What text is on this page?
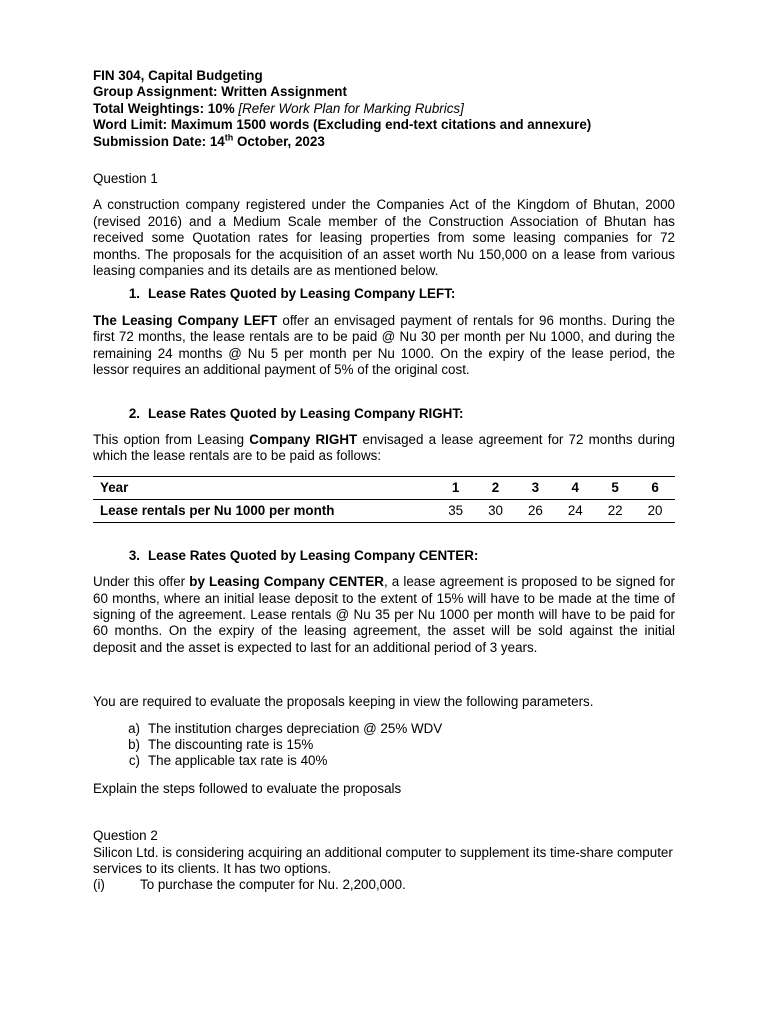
FIN 304, Capital Budgeting

Group Assignment: Written Assignment

Total Weightings: 10% [Refer Work Plan for Marking Rubrics]

Word Limit: Maximum 1500 words (Excluding end-text citations and annexure)

Submission Date: 14th October, 2023

Question 1

A construction company registered under the Companies Act of the Kingdom of Bhutan, 2000 (revised 2016) and a Medium Scale member of the Construction Association of Bhutan has received some Quotation rates for leasing properties from some leasing companies for 72 months. The proposals for the acquisition of an asset worth Nu 150,000 on a lease from various leasing companies and its details are as mentioned below.

1. Lease Rates Quoted by Leasing Company LEFT:

The Leasing Company LEFT offer an envisaged payment of rentals for 96 months. During the first 72 months, the lease rentals are to be paid @ Nu 30 per month per Nu 1000, and during the remaining 24 months @ Nu 5 per month per Nu 1000. On the expiry of the lease period, the lessor requires an additional payment of 5% of the original cost.

2. Lease Rates Quoted by Leasing Company RIGHT:

This option from Leasing Company RIGHT envisaged a lease agreement for 72 months during which the lease rentals are to be paid as follows:

Year	1	2	3	4	5	6
Lease rentals per Nu 1000 per month	35	30	26	24	22	20
3. Lease Rates Quoted by Leasing Company CENTER:

Under this offer by Leasing Company CENTER, a lease agreement is proposed to be signed for 60 months, where an initial lease deposit to the extent of 15% will have to be made at the time of signing of the agreement. Lease rentals @ Nu 35 per Nu 1000 per month will have to be paid for 60 months. On the expiry of the leasing agreement, the asset will be sold against the initial deposit and the asset is expected to last for an additional period of 3 years.

You are required to evaluate the proposals keeping in view the following parameters.

a) The institution charges depreciation @ 25% WDV
b) The discounting rate is 15%
c) The applicable tax rate is 40%

Explain the steps followed to evaluate the proposals

Question 2

Silicon Ltd. is considering acquiring an additional computer to supplement its time-share computer services to its clients. It has two options.

(i)	To purchase the computer for Nu. 2,200,000.
